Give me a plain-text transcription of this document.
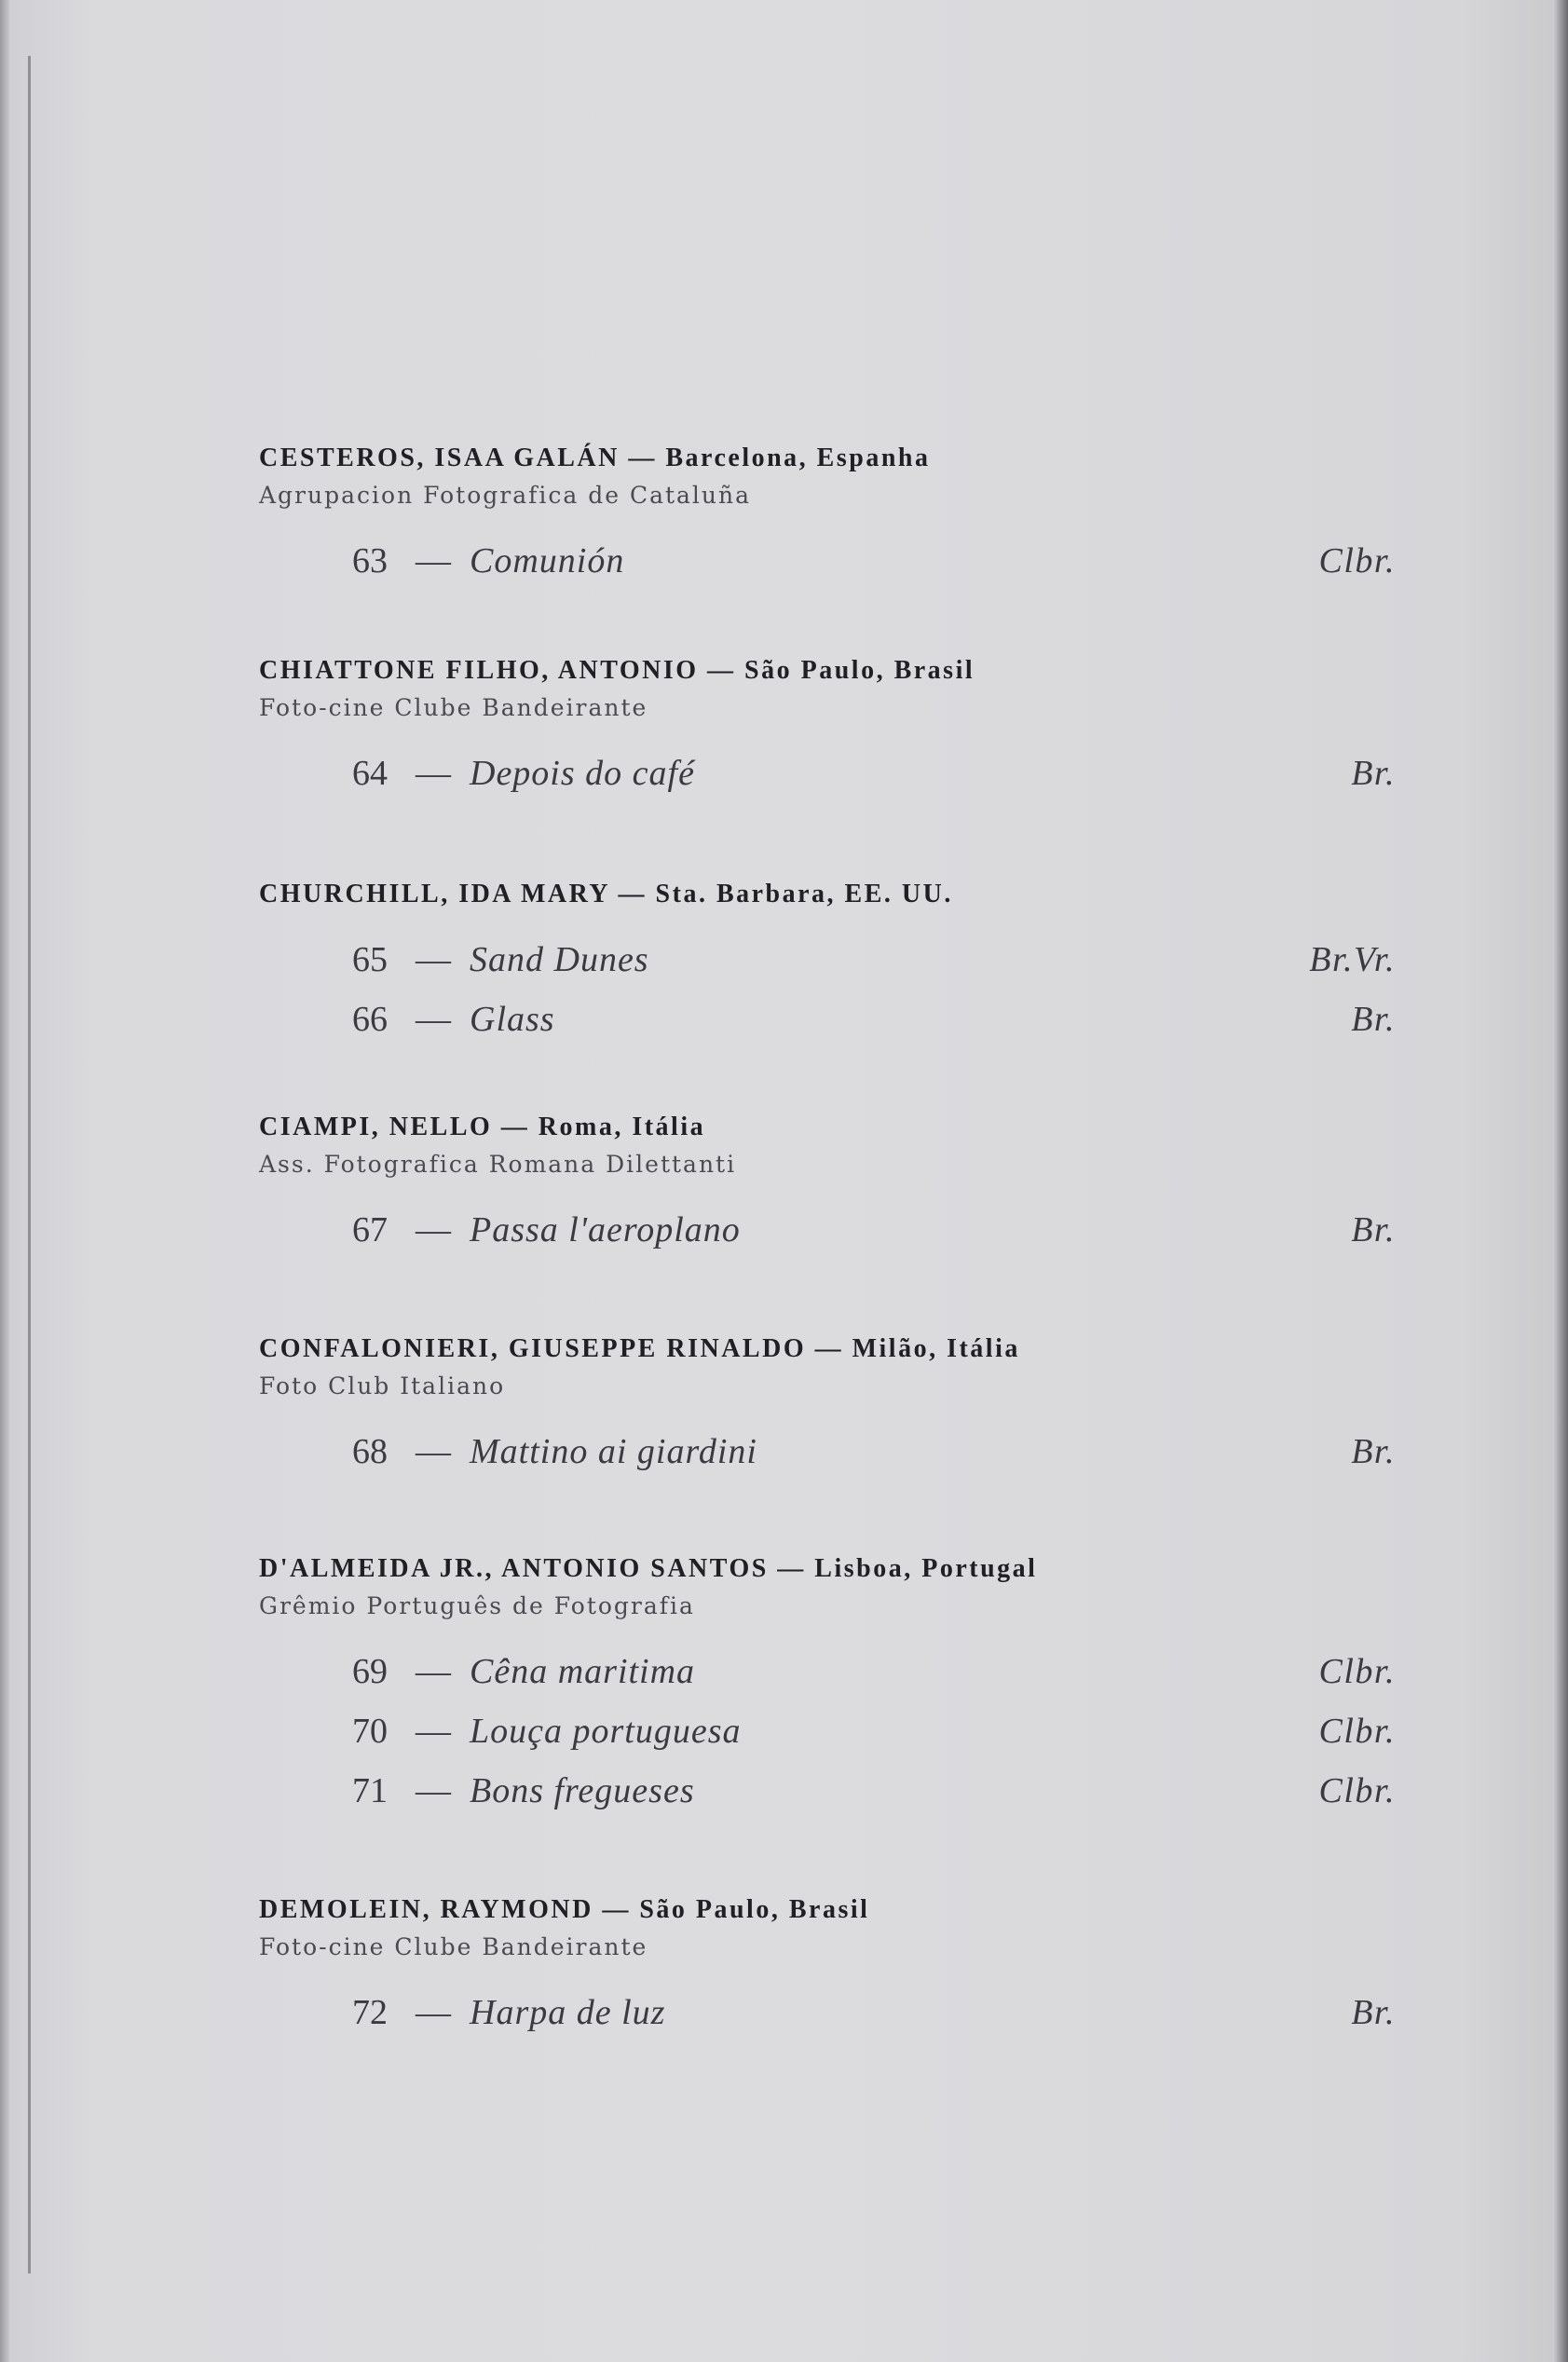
CESTEROS, ISAA GALÁN — Barcelona, Espanha
Agrupacion Fotografica de Cataluña
63 — Comunión	Clbr.
CHIATTONE FILHO, ANTONIO — São Paulo, Brasil
Foto-cine Clube Bandeirante
64 — Depois do café	Br.
CHURCHILL, IDA MARY — Sta. Barbara, EE. UU.
65 — Sand Dunes	Br.Vr.
66 — Glass	Br.
CIAMPI, NELLO — Roma, Itália
Ass. Fotografica Romana Dilettanti
67 — Passa l'aeroplano	Br.
CONFALONIERI, GIUSEPPE RINALDO — Milão, Itália
Foto Club Italiano
68 — Mattino ai giardini	Br.
D'ALMEIDA JR., ANTONIO SANTOS — Lisboa, Portugal
Grêmio Português de Fotografia
69 — Cêna maritima	Clbr.
70 — Louça portuguesa	Clbr.
71 — Bons fregueses	Clbr.
DEMOLEIN, RAYMOND — São Paulo, Brasil
Foto-cine Clube Bandeirante
72 — Harpa de luz	Br.
